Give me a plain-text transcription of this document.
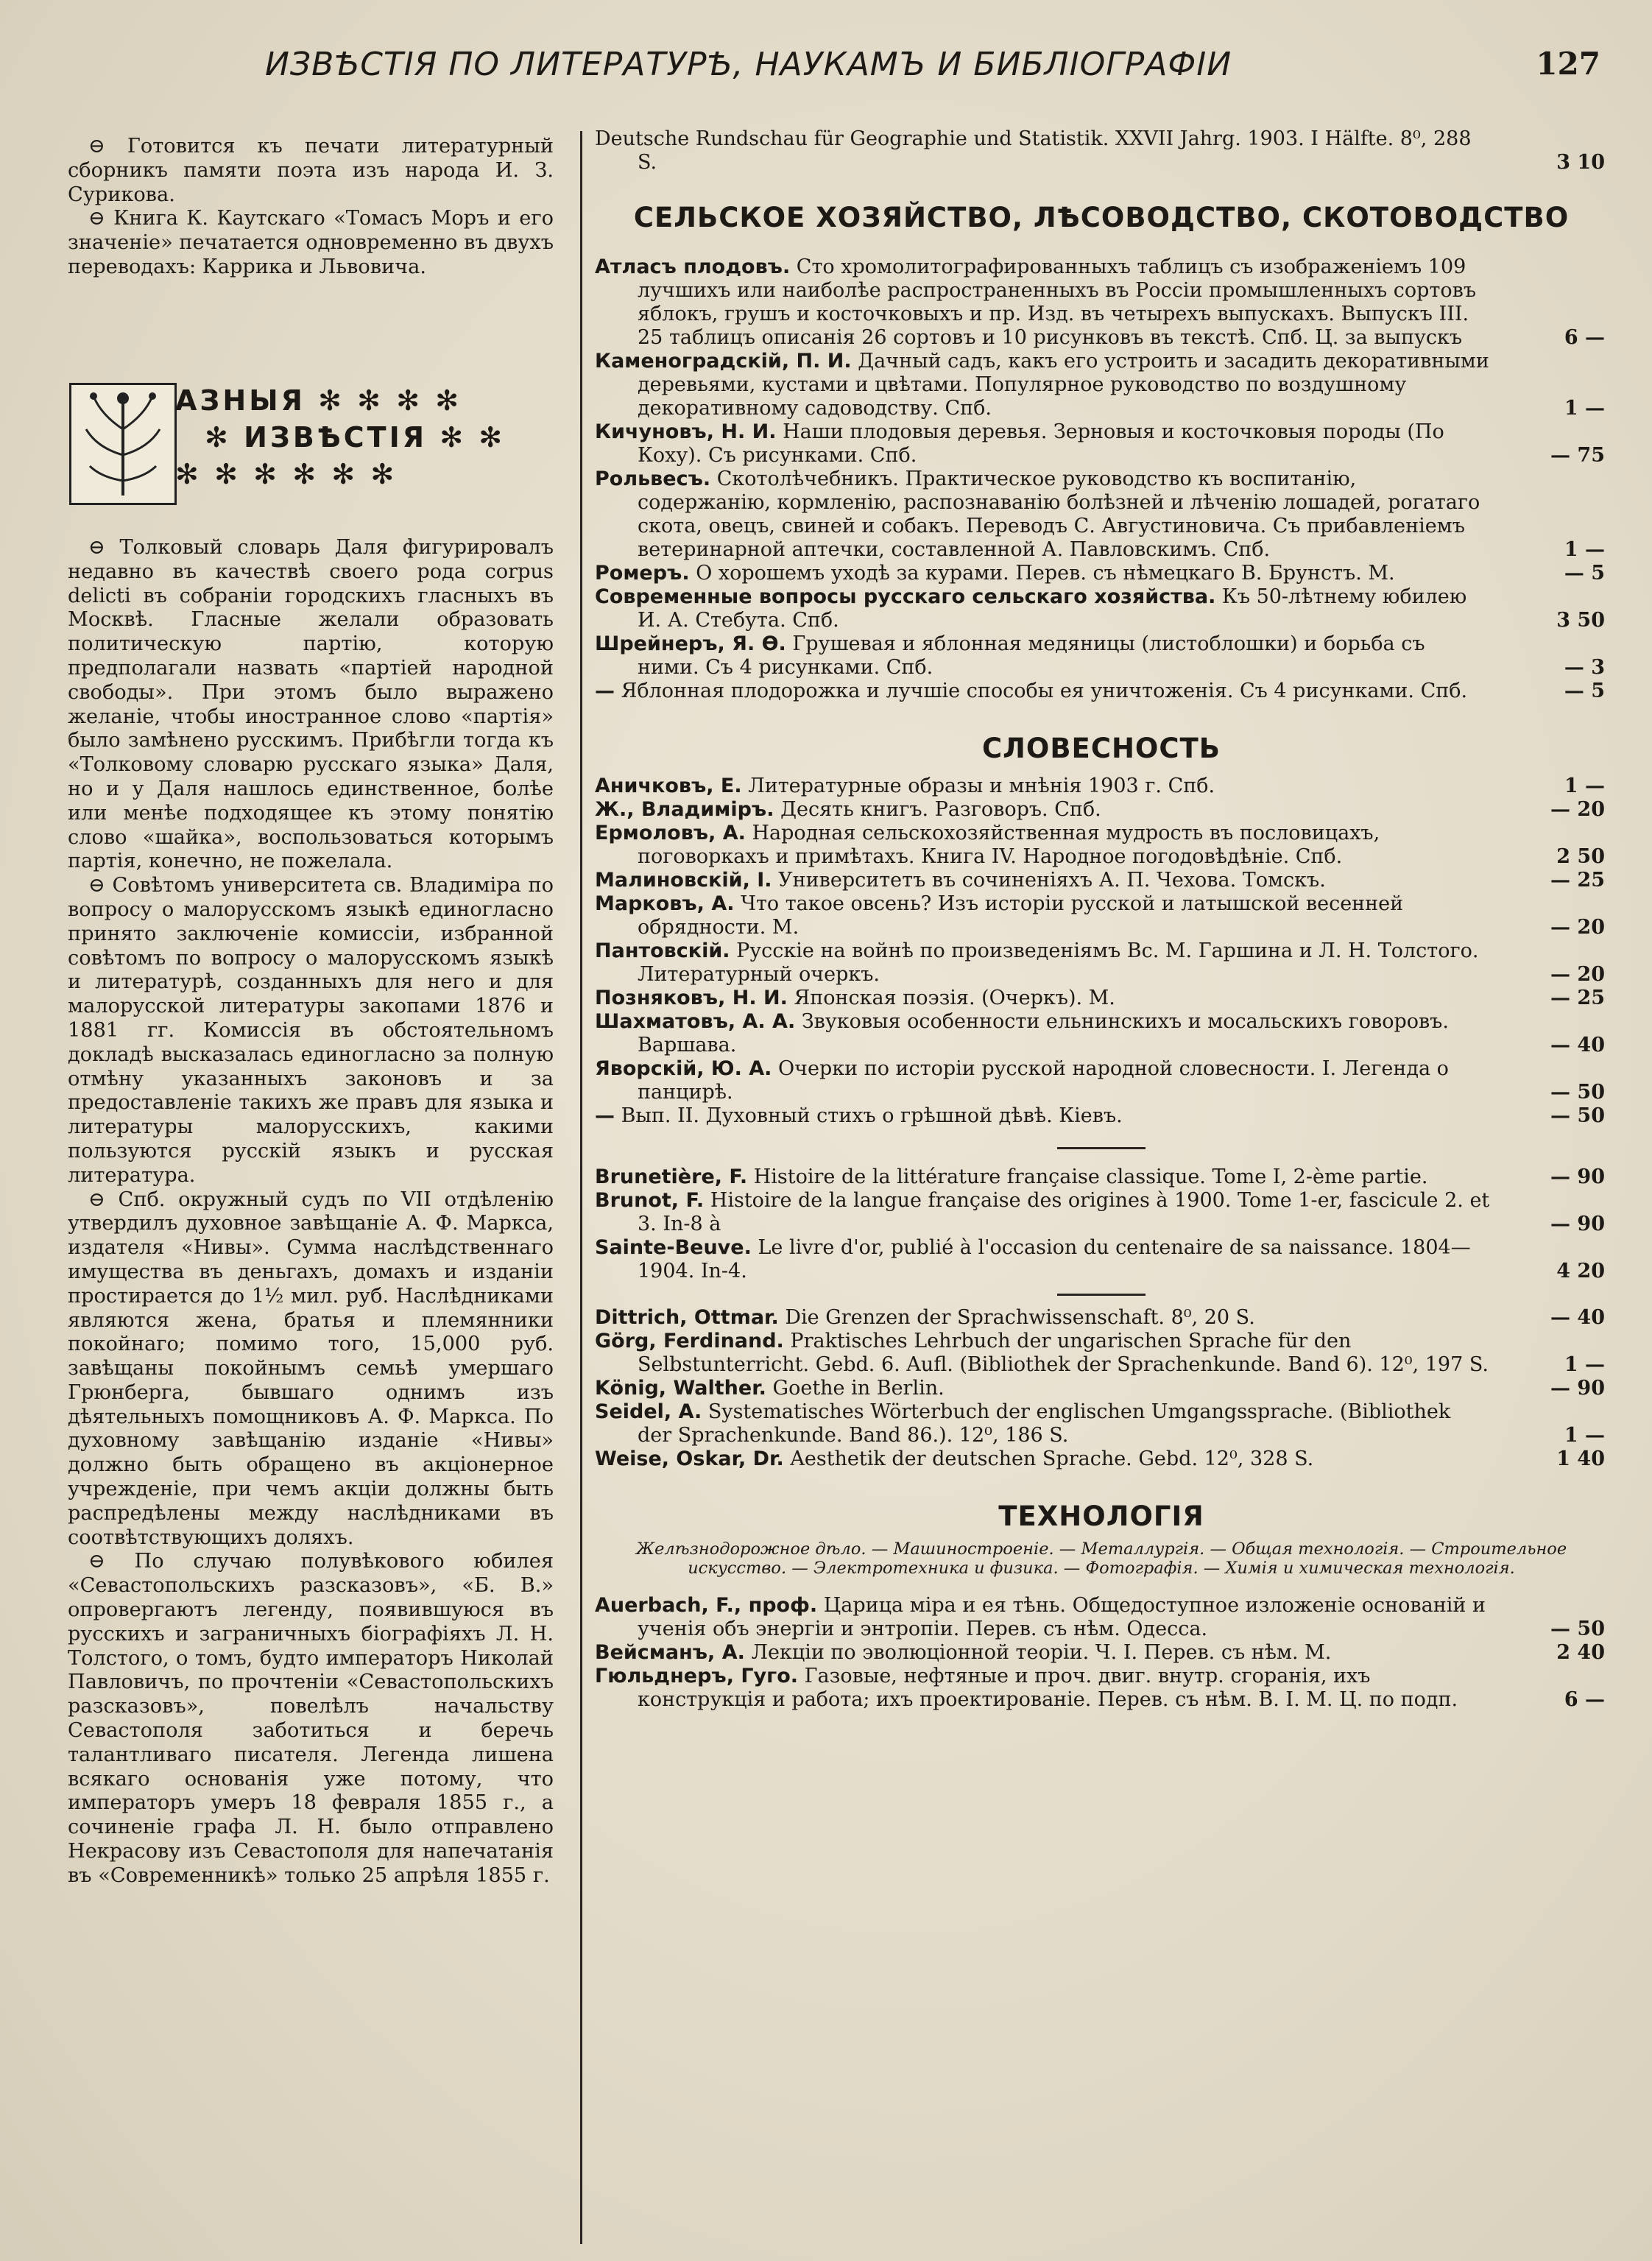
ИЗВѢСТІЯ ПО ЛИТЕРАТУРѢ, НАУКАМЪ И БИБЛІОГРАФІИ	127

⊖ Готовится къ печати литературный сборникъ памяти поэта изъ народа И. З. Сурикова.

⊖ Книга К. Каутскаго «Томасъ Моръ и его значеніе» печатается одновременно въ двухъ переводахъ: Каррика и Львовича.

АЗНЫЯ ✻ ✻ ✻ ✻
✻ ИЗВѢСТІЯ ✻ ✻
✻ ✻ ✻ ✻ ✻ ✻

⊖ Толковый словарь Даля фигурировалъ недавно въ качествѣ своего рода corpus delicti въ собраніи городскихъ гласныхъ въ Москвѣ. Гласные желали образовать политическую партію, которую предполагали назвать «партіей народной свободы». При этомъ было выражено желаніе, чтобы иностранное слово «партія» было замѣнено русскимъ. Прибѣгли тогда къ «Толковому словарю русскаго языка» Даля, но и у Даля нашлось единственное, болѣе или менѣе подходящее къ этому понятію слово «шайка», воспользоваться которымъ партія, конечно, не пожелала.

⊖ Совѣтомъ университета св. Владиміра по вопросу о малорусскомъ языкѣ единогласно принято заключеніе комиссіи, избранной совѣтомъ по вопросу о малорусскомъ языкѣ и литературѣ, созданныхъ для него и для малорусской литературы закопами 1876 и 1881 гг. Комиссія въ обстоятельномъ докладѣ высказалась единогласно за полную отмѣну указанныхъ законовъ и за предоставленіе такихъ же правъ для языка и литературы малорусскихъ, какими пользуются русскій языкъ и русская литература.

⊖ Спб. окружный судъ по VII отдѣленію утвердилъ духовное завѣщаніе А. Ф. Маркса, издателя «Нивы». Сумма наслѣдственнаго имущества въ деньгахъ, домахъ и изданіи простирается до 1½ мил. руб. Наслѣдниками являются жена, братья и племянники покойнаго; помимо того, 15,000 руб. завѣщаны покойнымъ семьѣ умершаго Грюнберга, бывшаго однимъ изъ дѣятельныхъ помощниковъ А. Ф. Маркса. По духовному завѣщанію изданіе «Нивы» должно быть обращено въ акціонерное учрежденіе, при чемъ акціи должны быть распредѣлены между наслѣдниками въ соотвѣтствующихъ доляхъ.

⊖ По случаю полувѣкового юбилея «Севастопольскихъ разсказовъ», «Б. В.» опровергаютъ легенду, появившуюся въ русскихъ и заграничныхъ біографіяхъ Л. Н. Толстого, о томъ, будто императоръ Николай Павловичъ, по прочтеніи «Севастопольскихъ разсказовъ», повелѣлъ начальству Севастополя заботиться и беречь талантливаго писателя. Легенда лишена всякаго основанія уже потому, что императоръ умеръ 18 февраля 1855 г., а сочиненіе графа Л. Н. было отправлено Некрасову изъ Севастополя для напечатанія въ «Современникѣ» только 25 апрѣля 1855 г.

Deutsche Rundschau für Geographie und Statistik. XXVII Jahrg. 1903. I Hälfte. 8⁰, 288 S.	3 10
СЕЛЬСКОЕ ХОЗЯЙСТВО, ЛѢСОВОДСТВО, СКОТОВОДСТВО
Атласъ плодовъ. Сто хромолитографированныхъ таблицъ съ изображеніемъ 109 лучшихъ или наиболѣе распространенныхъ въ Россіи промышленныхъ сортовъ яблокъ, грушъ и косточковыхъ и пр. Изд. въ четырехъ выпускахъ. Выпускъ III. 25 таблицъ описанія 26 сортовъ и 10 рисунковъ въ текстѣ. Спб. Ц. за выпускъ	6 —
Каменоградскій, П. И. Дачный садъ, какъ его устроить и засадить декоративными деревьями, кустами и цвѣтами. Популярное руководство по воздушному декоративному садоводству. Спб.	1 —
Кичуновъ, Н. И. Наши плодовыя деревья. Зерновыя и косточковыя породы (По Коху). Съ рисунками. Спб.	— 75
Рольвесъ. Скотолѣчебникъ. Практическое руководство къ воспитанію, содержанію, кормленію, распознаванію болѣзней и лѣченію лошадей, рогатаго скота, овецъ, свиней и собакъ. Переводъ С. Августиновича. Съ прибавленіемъ ветеринарной аптечки, составленной А. Павловскимъ. Спб.	1 —
Ромеръ. О хорошемъ уходѣ за курами. Перев. съ нѣмецкаго В. Брунстъ. М.	— 5
Современные вопросы русскаго сельскаго хозяйства. Къ 50-лѣтнему юбилею И. А. Стебута. Спб.	3 50
Шрейнеръ, Я. Ѳ. Грушевая и яблонная медяницы (листоблошки) и борьба съ ними. Съ 4 рисунками. Спб.	— 3
— Яблонная плодорожка и лучшіе способы ея уничтоженія. Съ 4 рисунками. Спб.	— 5
СЛОВЕСНОСТЬ
Аничковъ, Е. Литературные образы и мнѣнія 1903 г. Спб.	1 —
Ж., Владиміръ. Десять книгъ. Разговоръ. Спб.	— 20
Ермоловъ, А. Народная сельскохозяйственная мудрость въ пословицахъ, поговоркахъ и примѣтахъ. Книга IV. Народное погодовѣдѣніе. Спб.	2 50
Малиновскій, І. Университетъ въ сочиненіяхъ А. П. Чехова. Томскъ.	— 25
Марковъ, А. Что такое овсень? Изъ исторіи русской и латышской весенней обрядности. М.	— 20
Пантовскій. Русскіе на войнѣ по произведеніямъ Вс. М. Гаршина и Л. Н. Толстого. Литературный очеркъ.	— 20
Позняковъ, Н. И. Японская поэзія. (Очеркъ). М.	— 25
Шахматовъ, А. А. Звуковыя особенности ельнинскихъ и мосальскихъ говоровъ. Варшава.	— 40
Яворскій, Ю. А. Очерки по исторіи русской народной словесности. I. Легенда о панцирѣ.	— 50
— Вып. II. Духовный стихъ о грѣшной дѣвѣ. Кіевъ.	— 50
Brunetière, F. Histoire de la littérature française classique. Tome I, 2-ème partie.	— 90
Brunot, F. Histoire de la langue française des origines à 1900. Tome 1-er, fascicule 2. et 3. In-8 à	— 90
Sainte-Beuve. Le livre d'or, publié à l'occasion du centenaire de sa naissance. 1804—1904. In-4.	4 20
Dittrich, Ottmar. Die Grenzen der Sprachwissenschaft. 8⁰, 20 S.	— 40
Görg, Ferdinand. Praktisches Lehrbuch der ungarischen Sprache für den Selbstunterricht. Gebd. 6. Aufl. (Bibliothek der Sprachenkunde. Band 6). 12⁰, 197 S.	1 —
König, Walther. Goethe in Berlin.	— 90
Seidel, A. Systematisches Wörterbuch der englischen Umgangssprache. (Bibliothek der Sprachenkunde. Band 86.). 12⁰, 186 S.	1 —
Weise, Oskar, Dr. Aesthetik der deutschen Sprache. Gebd. 12⁰, 328 S.	1 40
ТЕХНОЛОГІЯ
Желѣзнодорожное дѣло. — Машиностроеніе. — Металлургія. — Общая технологія. — Строительное искусство. — Электротехника и физика. — Фотографія. — Химія и химическая технологія.
Auerbach, F., проф. Царица міра и ея тѣнь. Общедоступное изложеніе основаній и ученія объ энергіи и энтропіи. Перев. съ нѣм. Одесса.	— 50
Вейсманъ, А. Лекціи по эволюціонной теоріи. Ч. I. Перев. съ нѣм. М.	2 40
Гюльднеръ, Гуго. Газовые, нефтяные и проч. двиг. внутр. сгоранія, ихъ конструкція и работа; ихъ проектированіе. Перев. съ нѣм. В. І. М. Ц. по подп.	6 —
